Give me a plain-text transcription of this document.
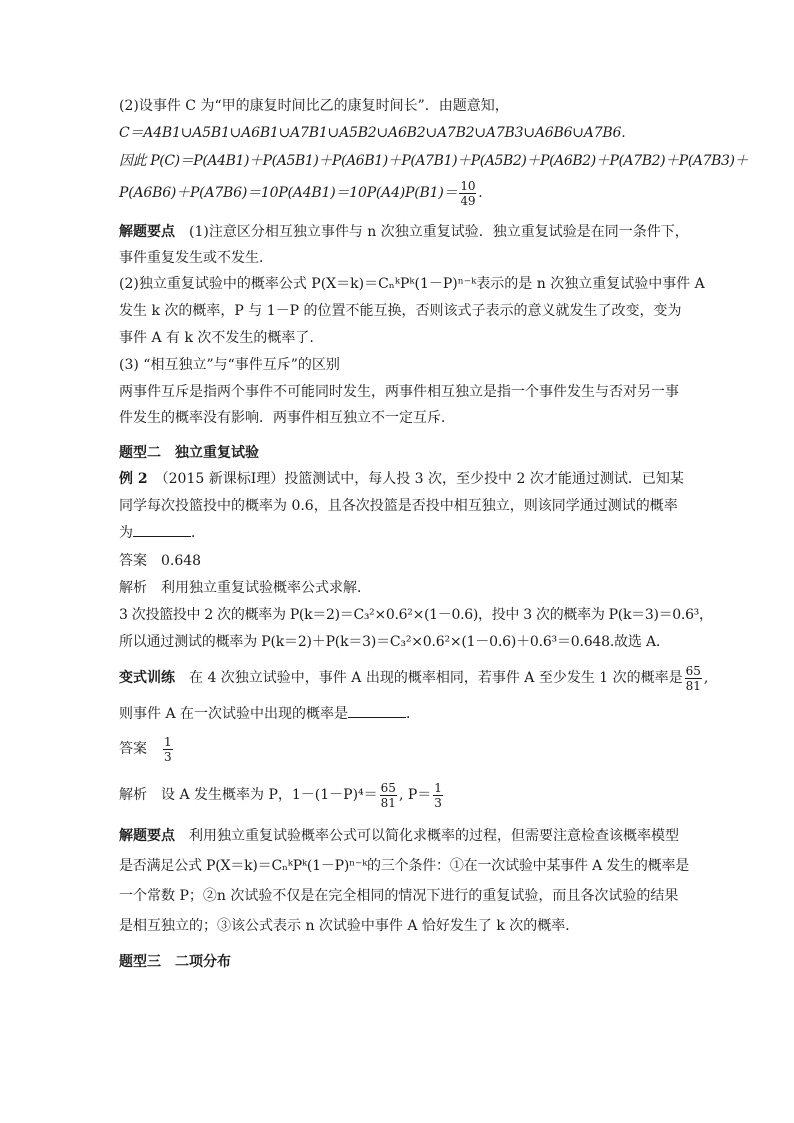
(2)设事件 C 为“甲的康复时间比乙的康复时间长”．由题意知，
C＝A4B1∪A5B1∪A6B1∪A7B1∪A5B2∪A6B2∪A7B2∪A7B3∪A6B6∪A7B6.
因此 P(C)＝P(A4B1)＋P(A5B1)＋P(A6B1)＋P(A7B1)＋P(A5B2)＋P(A6B2)＋P(A7B2)＋P(A7B3)＋
$P(A6B6)+P(A7B6)=10P(A4B1)=10P(A4)P(B1)= \frac{10}{49}$ .
解题要点　 (1)注意区分相互独立事件与 n 次独立重复试验．独立重复试验是在同一条件下，
事件重复发生或不发生．
(2)独立重复试验中的概率公式 P(X＝k)＝CₙᵏPᵏ(1－P)ⁿ⁻ᵏ表示的是 n 次独立重复试验中事件 A
发生 k 次的概率，P 与 1－P 的位置不能互换，否则该式子表示的意义就发生了改变，变为
事件 A 有 k 次不发生的概率了.
(3) “相互独立”与“事件互斥”的区别
两事件互斥是指两个事件不可能同时发生，两事件相互独立是指一个事件发生与否对另一事
件发生的概率没有影响．两事件相互独立不一定互斥．
题型二　独立重复试验
例 2　 （2015 新课标Ⅰ理）投篮测试中，每人投 3 次，至少投中 2 次才能通过测试．已知某
同学每次投篮投中的概率为 0.6，且各次投篮是否投中相互独立，则该同学通过测试的概率
为	．
答案　 0.648
解析　 利用独立重复试验概率公式求解．
3 次投篮投中 2 次的概率为 P(k＝2)＝C₃²×0.6²×(1－0.6)，投中 3 次的概率为 P(k＝3)＝0.6³，
所以通过测试的概率为 P(k＝2)＋P(k＝3)＝C₃²×0.6²×(1－0.6)＋0.6³＝0.648.故选 A.
变式训练　 在 4 次独立试验中，事件 A 出现的概率相同，若事件 A 至少发生 1 次的概率是 $\frac{65}{81}$ ,
则事件 A 在一次试验中出现的概率是	．
答案　 $\frac{1}{3}$
解析　 设 A 发生概率为 P，$1-(1-P)^4= \frac{65}{81}$ , $P= \frac{1}{3}$
解题要点　 利用独立重复试验概率公式可以简化求概率的过程，但需要注意检查该概率模型
是否满足公式 P(X＝k)＝CₙᵏPᵏ(1－P)ⁿ⁻ᵏ的三个条件：①在一次试验中某事件 A 发生的概率是
一个常数 P；②n 次试验不仅是在完全相同的情况下进行的重复试验，而且各次试验的结果
是相互独立的；③该公式表示 n 次试验中事件 A 恰好发生了 k 次的概率．
题型三　二项分布
